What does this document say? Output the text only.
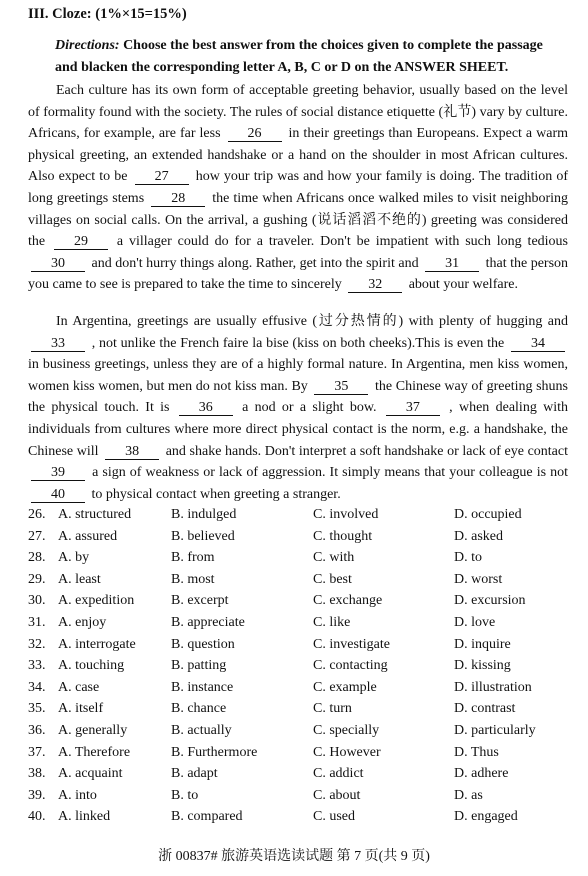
III. Cloze: (1%×15=15%)
Directions: Choose the best answer from the choices given to complete the passage and blacken the corresponding letter A, B, C or D on the ANSWER SHEET.
Each culture has its own form of acceptable greeting behavior, usually based on the level of formality found with the society. The rules of social distance etiquette (礼节) vary by culture. Africans, for example, are far less 26 in their greetings than Europeans. Expect a warm physical greeting, an extended handshake or a hand on the shoulder in most African cultures. Also expect to be 27 how your trip was and how your family is doing. The tradition of long greetings stems 28 the time when Africans once walked miles to visit neighboring villages on social calls. On the arrival, a gushing (说话滔滔不绝的) greeting was considered the 29 a villager could do for a traveler. Don't be impatient with such long tedious 30 and don't hurry things along. Rather, get into the spirit and 31 that the person you came to see is prepared to take the time to sincerely 32 about your welfare.
In Argentina, greetings are usually effusive (过分热情的) with plenty of hugging and 33 , not unlike the French faire la bise (kiss on both cheeks).This is even the 34 in business greetings, unless they are of a highly formal nature. In Argentina, men kiss women, women kiss women, but men do not kiss man. By 35 the Chinese way of greeting shuns the physical touch. It is 36 a nod or a slight bow. 37 , when dealing with individuals from cultures where more direct physical contact is the norm, e.g. a handshake, the Chinese will 38 and shake hands. Don't interpret a soft handshake or lack of eye contact 39 a sign of weakness or lack of aggression. It simply means that your colleague is not 40 to physical contact when greeting a stranger.
26. A. structured	B. indulged	C. involved	D. occupied
27. A. assured	B. believed	C. thought	D. asked
28. A. by	B. from	C. with	D. to
29. A. least	B. most	C. best	D. worst
30. A. expedition	B. excerpt	C. exchange	D. excursion
31. A. enjoy	B. appreciate	C. like	D. love
32. A. interrogate	B. question	C. investigate	D. inquire
33. A. touching	B. patting	C. contacting	D. kissing
34. A. case	B. instance	C. example	D. illustration
35. A. itself	B. chance	C. turn	D. contrast
36. A. generally	B. actually	C. specially	D. particularly
37. A. Therefore	B. Furthermore	C. However	D. Thus
38. A. acquaint	B. adapt	C. addict	D. adhere
39. A. into	B. to	C. about	D. as
40. A. linked	B. compared	C. used	D. engaged
浙 00837# 旅游英语选读试题 第 7 页(共 9 页)
